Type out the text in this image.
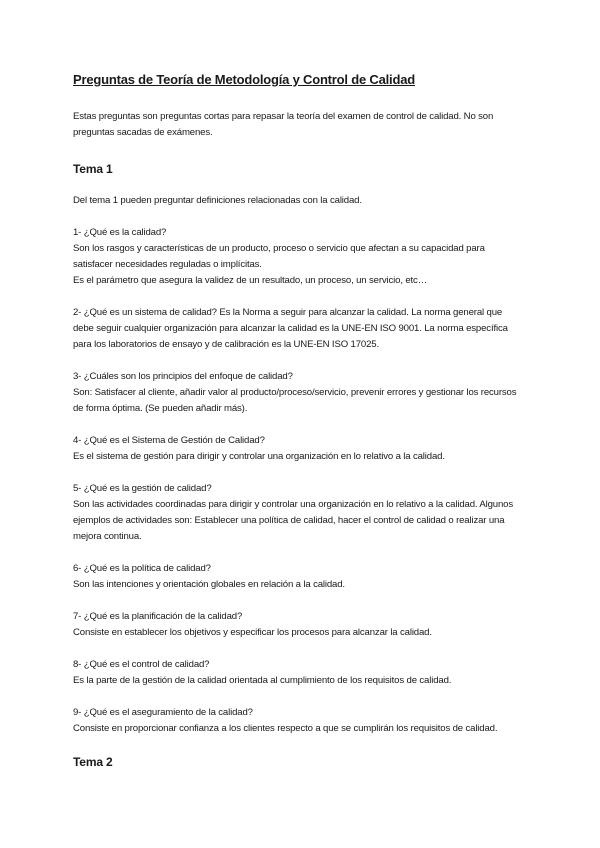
Preguntas de Teoría de Metodología y Control de Calidad

Estas preguntas son preguntas cortas para repasar la teoría del examen de control de calidad. No son preguntas sacadas de exámenes.

Tema 1

Del tema 1 pueden preguntar definiciones relacionadas con la calidad.

1- ¿Qué es la calidad?
Son los rasgos y características de un producto, proceso o servicio que afectan a su capacidad para satisfacer necesidades reguladas o implícitas.
Es el parámetro que asegura la validez de un resultado, un proceso, un servicio, etc…
2- ¿Qué es un sistema de calidad? Es la Norma a seguir para alcanzar la calidad. La norma general que debe seguir cualquier organización para alcanzar la calidad es la UNE-EN ISO 9001. La norma específica para los laboratorios de ensayo y de calibración es la UNE-EN ISO 17025.
3- ¿Cuáles son los principios del enfoque de calidad?
Son: Satisfacer al cliente, añadir valor al producto/proceso/servicio, prevenir errores y gestionar los recursos de forma óptima. (Se pueden añadir más).
4- ¿Qué es el Sistema de Gestión de Calidad?
Es el sistema de gestión para dirigir y controlar una organización en lo relativo a la calidad.
5- ¿Qué es la gestión de calidad?
Son las actividades coordinadas para dirigir y controlar una organización en lo relativo a la calidad. Algunos ejemplos de actividades son: Establecer una política de calidad, hacer el control de calidad o realizar una mejora continua.
6- ¿Qué es la política de calidad?
Son las intenciones y orientación globales en relación a la calidad.
7- ¿Qué es la planificación de la calidad?
Consiste en establecer los objetivos y especificar los procesos para alcanzar la calidad.
8- ¿Qué es el control de calidad?
Es la parte de la gestión de la calidad orientada al cumplimiento de los requisitos de calidad.
9- ¿Qué es el aseguramiento de la calidad?
Consiste en proporcionar confianza a los clientes respecto a que se cumplirán los requisitos de calidad.
Tema 2
